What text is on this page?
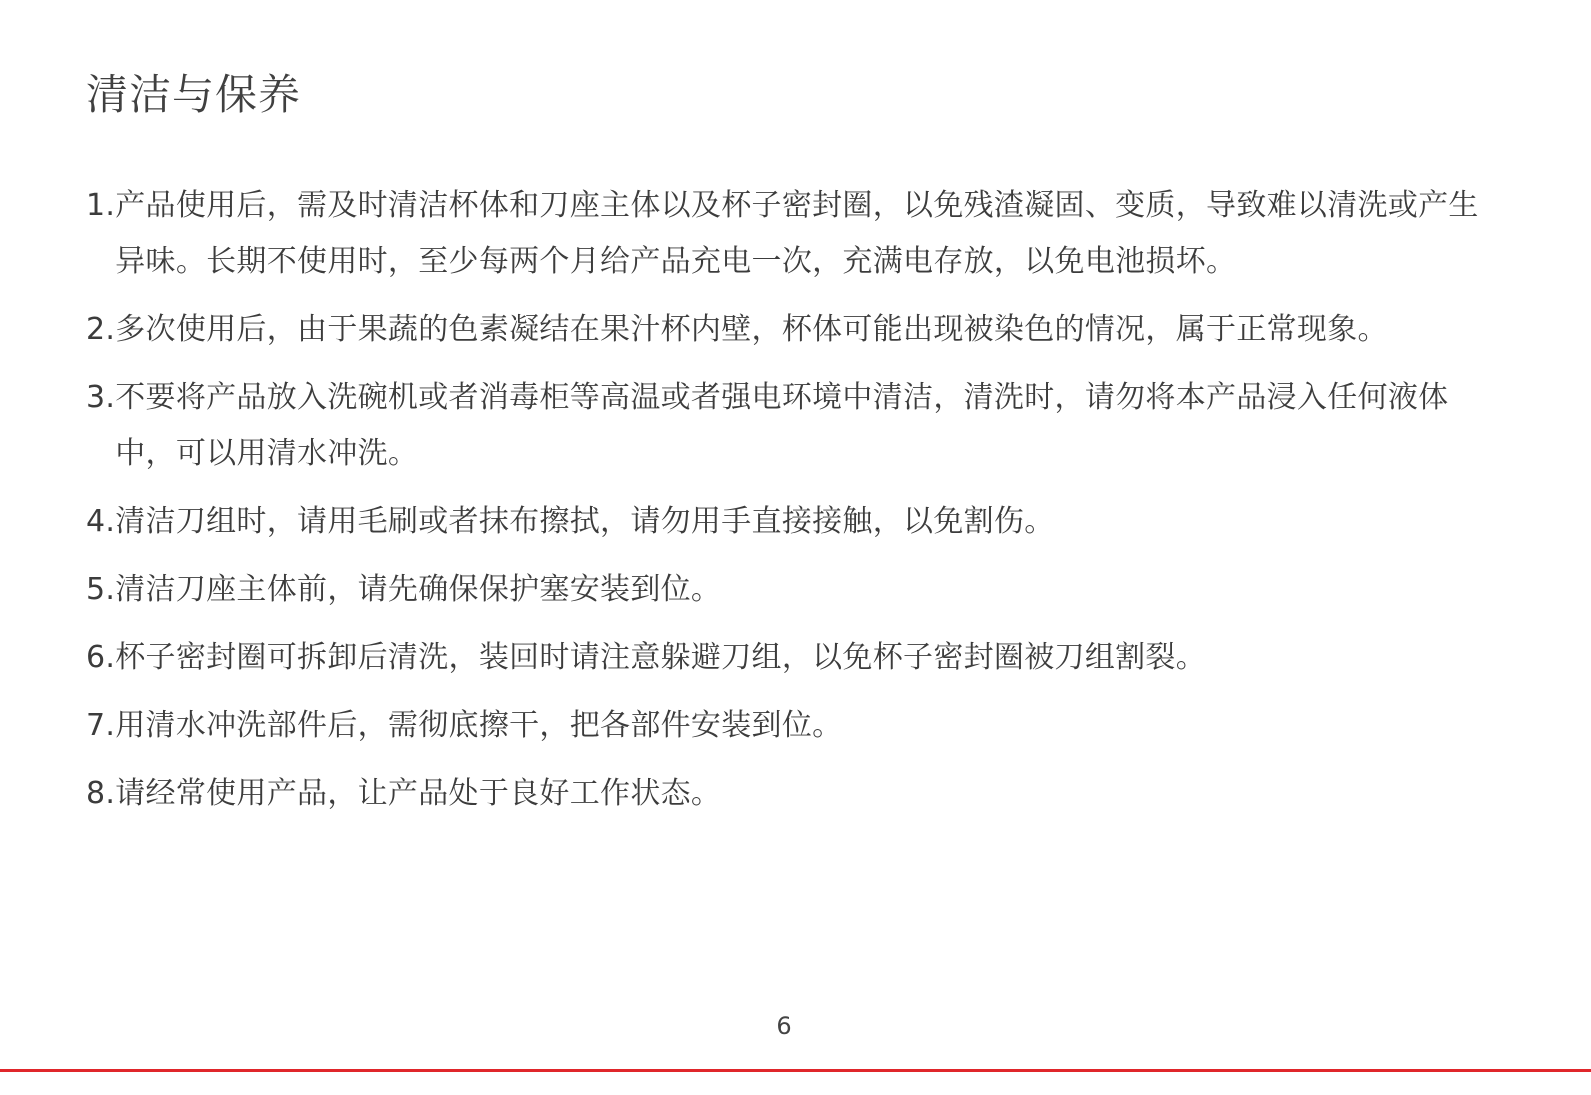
清洁与保养
1. 产品使用后，需及时清洁杯体和刀座主体以及杯子密封圈，以免残渣凝固、变质，导致难以清洗或产生异味。长期不使用时，至少每两个月给产品充电一次，充满电存放，以免电池损坏。
2. 多次使用后，由于果蔬的色素凝结在果汁杯内壁，杯体可能出现被染色的情况，属于正常现象。
3. 不要将产品放入洗碗机或者消毒柜等高温或者强电环境中清洁，清洗时，请勿将本产品浸入任何液体中，可以用清水冲洗。
4. 清洁刀组时，请用毛刷或者抹布擦拭，请勿用手直接接触，以免割伤。
5. 清洁刀座主体前，请先确保保护塞安装到位。
6. 杯子密封圈可拆卸后清洗，装回时请注意躲避刀组，以免杯子密封圈被刀组割裂。
7. 用清水冲洗部件后，需彻底擦干，把各部件安装到位。
8. 请经常使用产品，让产品处于良好工作状态。
6
